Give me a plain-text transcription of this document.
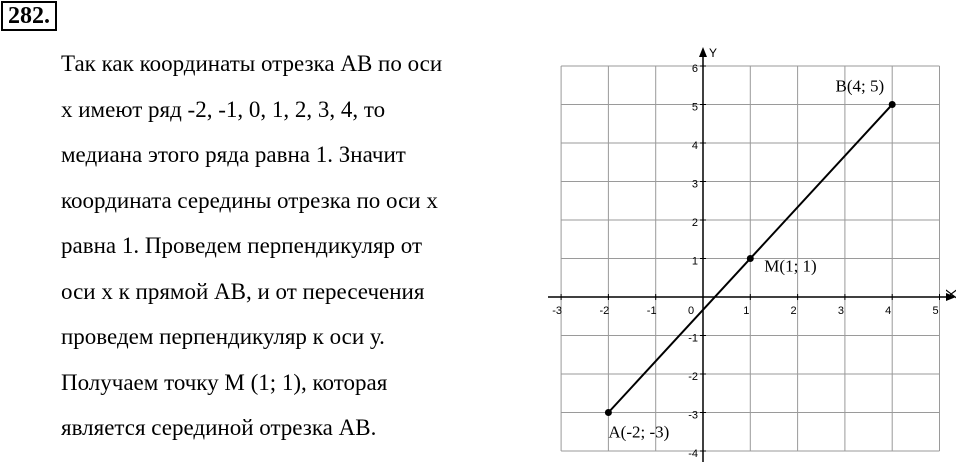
282.
Так как координаты отрезка АВ по оси
x имеют ряд -2, -1, 0, 1, 2, 3, 4, то
медиана этого ряда равна 1. Значит
координата середины отрезка по оси x
равна 1. Проведем перпендикуляр от
оси x к прямой АВ, и от пересечения
проведем перпендикуляр к оси у.
Получаем точку М (1; 1), которая
является серединой отрезка АВ.
X
Y
-3	-2	-1	0	1	2	3	4	5
6
5
4
3
2
1
-1
-2
-3
-4
A(-2; -3)
M(1; 1)
B(4; 5)
